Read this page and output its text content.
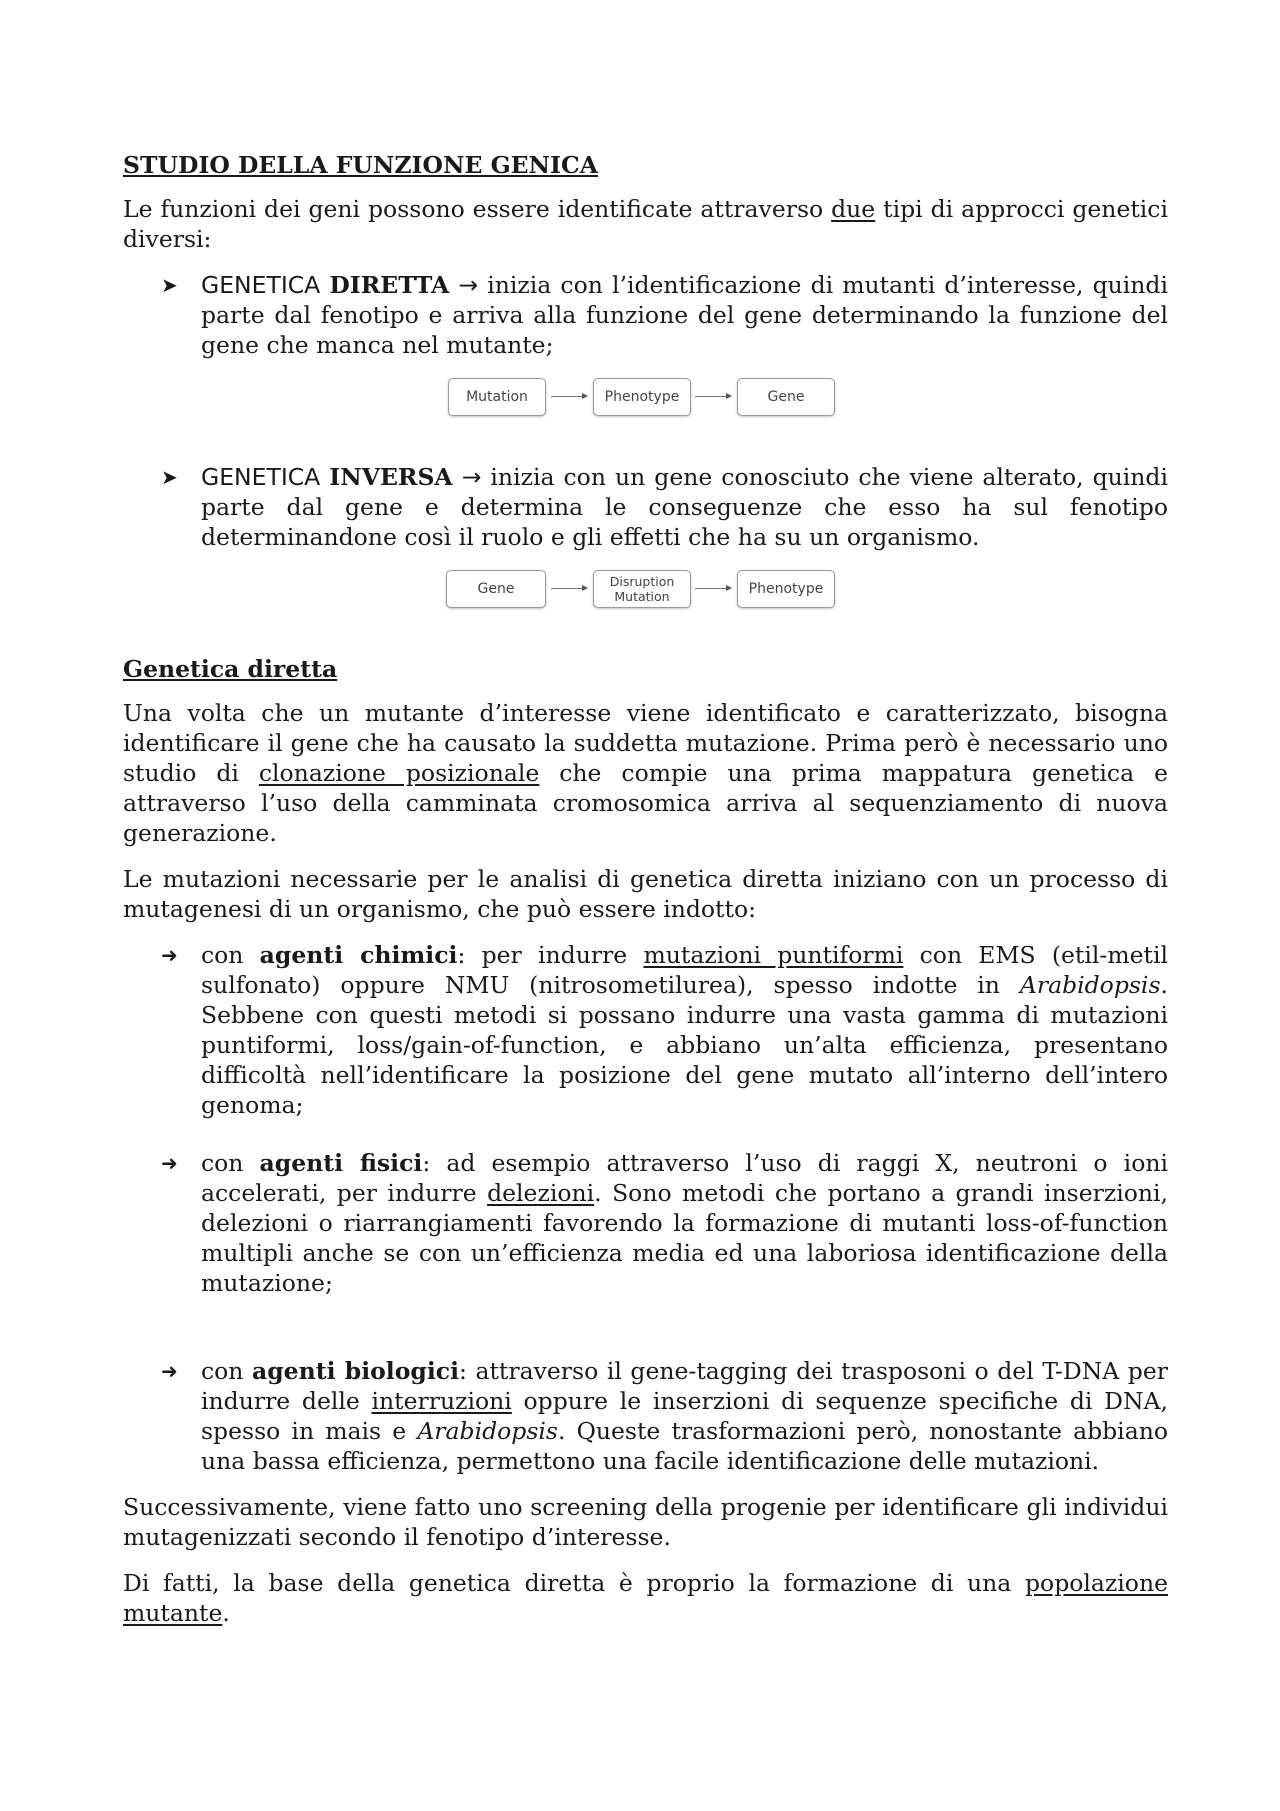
STUDIO DELLA FUNZIONE GENICA

Le funzioni dei geni possono essere identificate attraverso due tipi di approcci genetici diversi:

➤ GENETICA DIRETTA → inizia con l’identificazione di mutanti d’interesse, quindi parte dal fenotipo e arriva alla funzione del gene determinando la funzione del gene che manca nel mutante;
Mutation	Phenotype	Gene
➤ GENETICA INVERSA → inizia con un gene conosciuto che viene alterato, quindi parte dal gene e determina le conseguenze che esso ha sul fenotipo determinandone così il ruolo e gli effetti che ha su un organismo.
Gene	Disruption
Mutation	Phenotype
Genetica diretta

Una volta che un mutante d’interesse viene identificato e caratterizzato, bisogna identificare il gene che ha causato la suddetta mutazione. Prima però è necessario uno studio di clonazione posizionale che compie una prima mappatura genetica e attraverso l’uso della camminata cromosomica arriva al sequenziamento di nuova generazione.

Le mutazioni necessarie per le analisi di genetica diretta iniziano con un processo di mutagenesi di un organismo, che può essere indotto:

➜ con agenti chimici: per indurre mutazioni puntiformi con EMS (etil-metil sulfonato) oppure NMU (nitrosometilurea), spesso indotte in Arabidopsis. Sebbene con questi metodi si possano indurre una vasta gamma di mutazioni puntiformi, loss/gain-of-function, e abbiano un’alta efficienza, presentano difficoltà nell’identificare la posizione del gene mutato all’interno dell’intero genoma;
➜ con agenti fisici: ad esempio attraverso l’uso di raggi X, neutroni o ioni accelerati, per indurre delezioni. Sono metodi che portano a grandi inserzioni, delezioni o riarrangiamenti favorendo la formazione di mutanti loss-of-function multipli anche se con un’efficienza media ed una laboriosa identificazione della mutazione;
➜ con agenti biologici: attraverso il gene-tagging dei trasposoni o del T-DNA per indurre delle interruzioni oppure le inserzioni di sequenze specifiche di DNA, spesso in mais e Arabidopsis. Queste trasformazioni però, nonostante abbiano una bassa efficienza, permettono una facile identificazione delle mutazioni.

Successivamente, viene fatto uno screening della progenie per identificare gli individui mutagenizzati secondo il fenotipo d’interesse.

Di fatti, la base della genetica diretta è proprio la formazione di una popolazione mutante.
